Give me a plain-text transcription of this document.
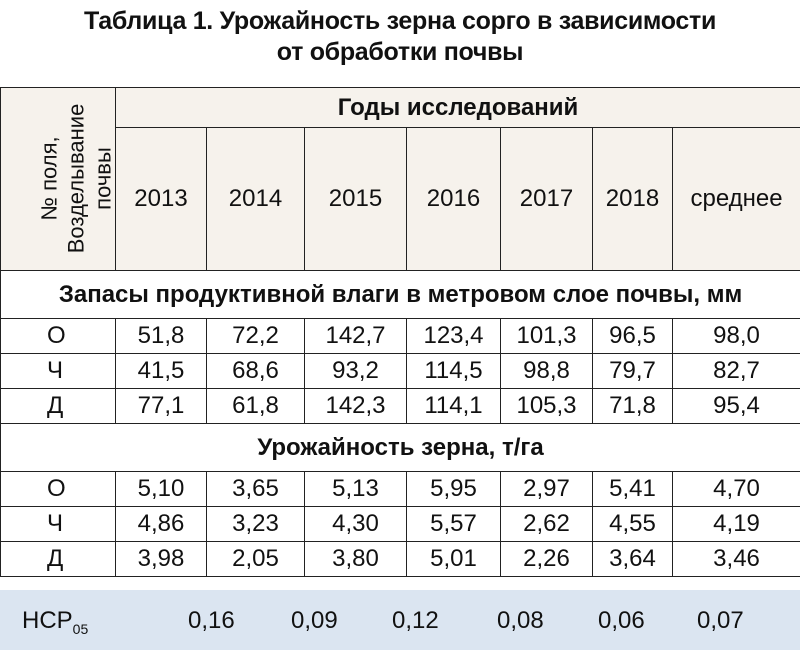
Таблица 1. Урожайность зерна сорго в зависимости
от обработки почвы
№ поля, Возделывание почвы	Годы исследований						
	2013	2014	2015	2016	2017	2018	среднее
Запасы продуктивной влаги в метровом слое почвы, мм							
О	51,8	72,2	142,7	123,4	101,3	96,5	98,0
Ч	41,5	68,6	93,2	114,5	98,8	79,7	82,7
Д	77,1	61,8	142,3	114,1	105,3	71,8	95,4
Урожайность зерна, т/га							
О	5,10	3,65	5,13	5,95	2,97	5,41	4,70
Ч	4,86	3,23	4,30	5,57	2,62	4,55	4,19
Д	3,98	2,05	3,80	5,01	2,26	3,64	3,46
$НСР_{05}$	0,16 0,09 0,12 0,08 0,06 0,07
